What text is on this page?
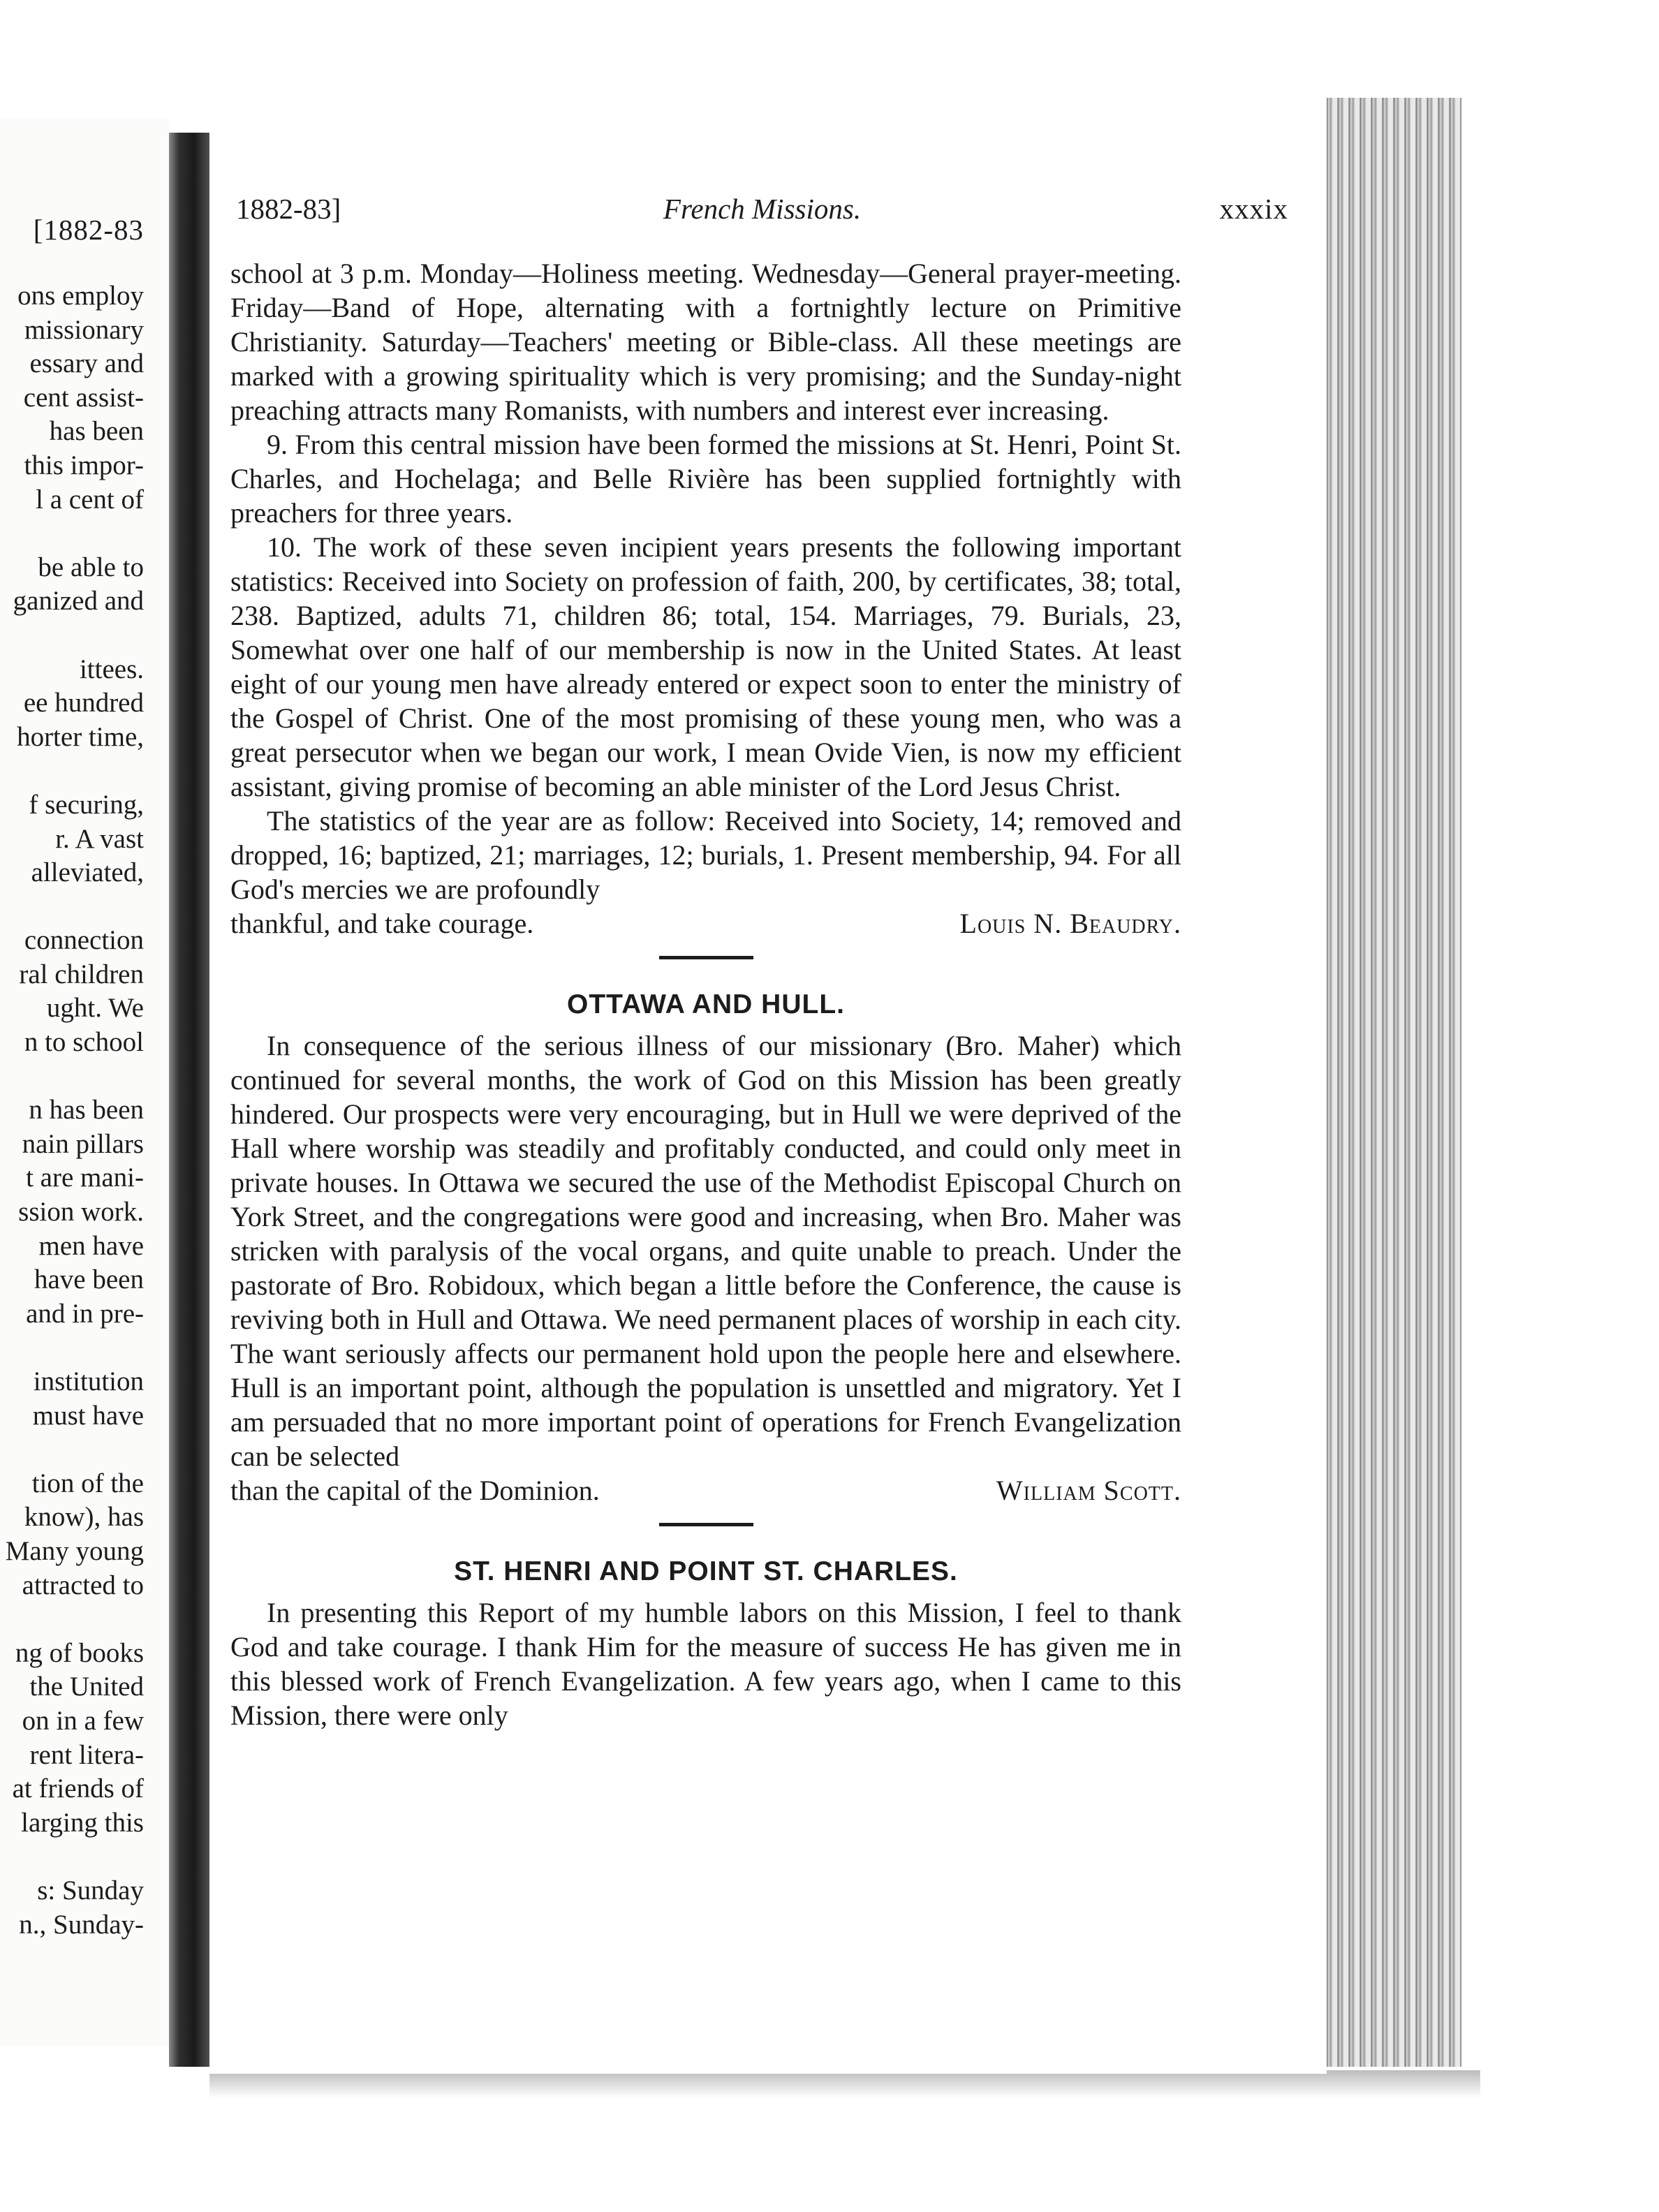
[1882-83
ons employ
missionary
essary and
cent assist-
has been
this impor-
l a cent of
be able to
ganized and
ittees.
ee hundred
horter time,
f securing,
r. A vast
alleviated,
connection
ral children
ught. We
n to school
n has been
nain pillars
t are mani-
ssion work.
men have
have been
and in pre-
institution
must have
tion of the
know), has
Many young
attracted to
ng of books
the United
on in a few
rent litera-
at friends of
larging this
s: Sunday
n., Sunday-
1882-83]	French Missions.	xxxix

school at 3 p.m. Monday—Holiness meeting. Wednesday—General prayer-meeting. Friday—Band of Hope, alternating with a fortnightly lecture on Primitive Christianity. Saturday—Teachers' meeting or Bible-class. All these meetings are marked with a growing spirituality which is very promising; and the Sunday-night preaching attracts many Romanists, with numbers and interest ever increasing.

9. From this central mission have been formed the missions at St. Henri, Point St. Charles, and Hochelaga; and Belle Rivière has been supplied fortnightly with preachers for three years.

10. The work of these seven incipient years presents the following important statistics: Received into Society on profession of faith, 200, by certificates, 38; total, 238. Baptized, adults 71, children 86; total, 154. Marriages, 79. Burials, 23, Somewhat over one half of our membership is now in the United States. At least eight of our young men have already entered or expect soon to enter the ministry of the Gospel of Christ. One of the most promising of these young men, who was a great persecutor when we began our work, I mean Ovide Vien, is now my efficient assistant, giving promise of becoming an able minister of the Lord Jesus Christ.

The statistics of the year are as follow: Received into Society, 14; removed and dropped, 16; baptized, 21; marriages, 12; burials, 1. Present membership, 94. For all God's mercies we are profoundly

thankful, and take courage.	Louis N. Beaudry.
OTTAWA AND HULL.

In consequence of the serious illness of our missionary (Bro. Maher) which continued for several months, the work of God on this Mission has been greatly hindered. Our prospects were very encouraging, but in Hull we were deprived of the Hall where worship was steadily and profitably conducted, and could only meet in private houses. In Ottawa we secured the use of the Methodist Episcopal Church on York Street, and the congregations were good and increasing, when Bro. Maher was stricken with paralysis of the vocal organs, and quite unable to preach. Under the pastorate of Bro. Robidoux, which began a little before the Conference, the cause is reviving both in Hull and Ottawa. We need permanent places of worship in each city. The want seriously affects our permanent hold upon the people here and elsewhere. Hull is an important point, although the population is unsettled and migratory. Yet I am persuaded that no more important point of operations for French Evangelization can be selected

than the capital of the Dominion.	William Scott.
ST. HENRI AND POINT ST. CHARLES.

In presenting this Report of my humble labors on this Mission, I feel to thank God and take courage. I thank Him for the measure of success He has given me in this blessed work of French Evangelization. A few years ago, when I came to this Mission, there were only
